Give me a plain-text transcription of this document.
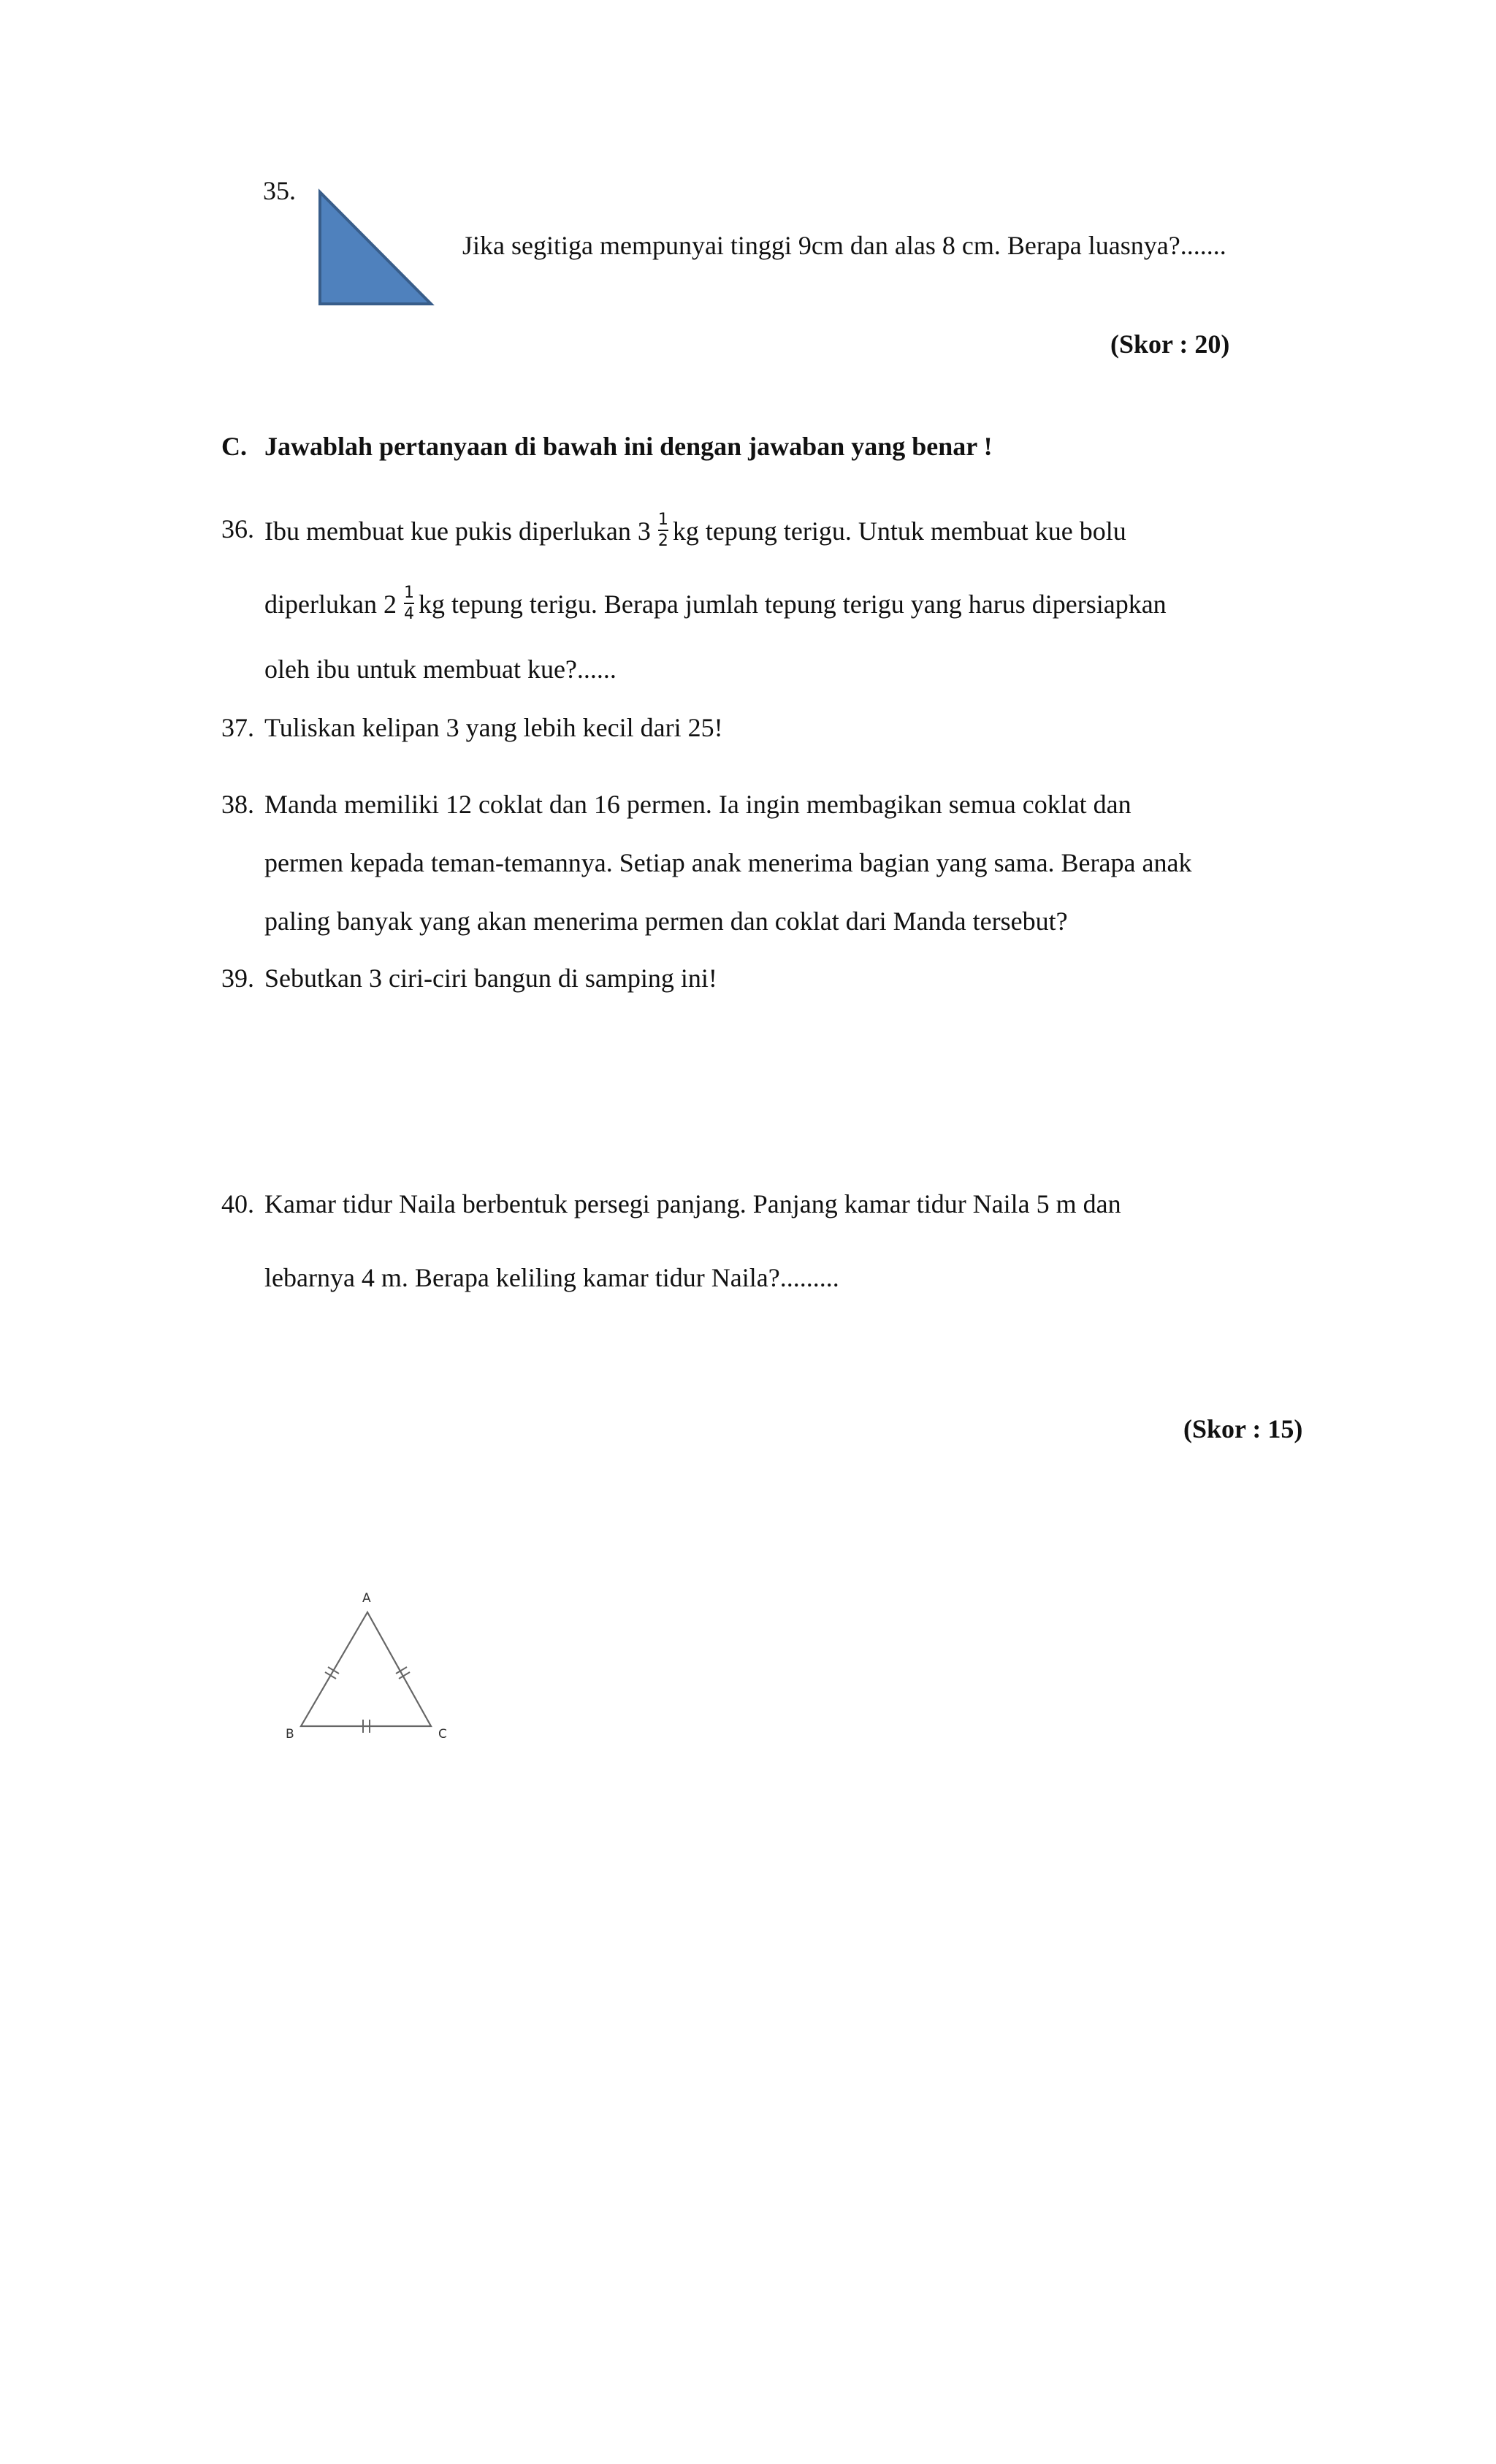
35.
Jika segitiga mempunyai tinggi 9cm dan alas 8 cm. Berapa luasnya?.......
(Skor : 20)
C. Jawablah pertanyaan di bawah ini dengan jawaban yang benar !
36. Ibu membuat kue pukis diperlukan $3 \frac{1}{2}$ kg tepung terigu. Untuk membuat kue bolu
diperlukan $2 \frac{1}{4}$ kg tepung terigu. Berapa jumlah tepung terigu yang harus dipersiapkan
oleh ibu untuk membuat kue?......
37. Tuliskan kelipan 3 yang lebih kecil dari 25!
38. Manda memiliki 12 coklat dan 16 permen. Ia ingin membagikan semua coklat dan
permen kepada teman-temannya. Setiap anak menerima bagian yang sama. Berapa anak
paling banyak yang akan menerima permen dan coklat dari Manda tersebut?
39. Sebutkan 3 ciri-ciri bangun di samping ini!
40. Kamar tidur Naila berbentuk persegi panjang. Panjang kamar tidur Naila 5 m dan
lebarnya 4 m. Berapa keliling kamar tidur Naila?.........
(Skor : 15)
A
B	C
